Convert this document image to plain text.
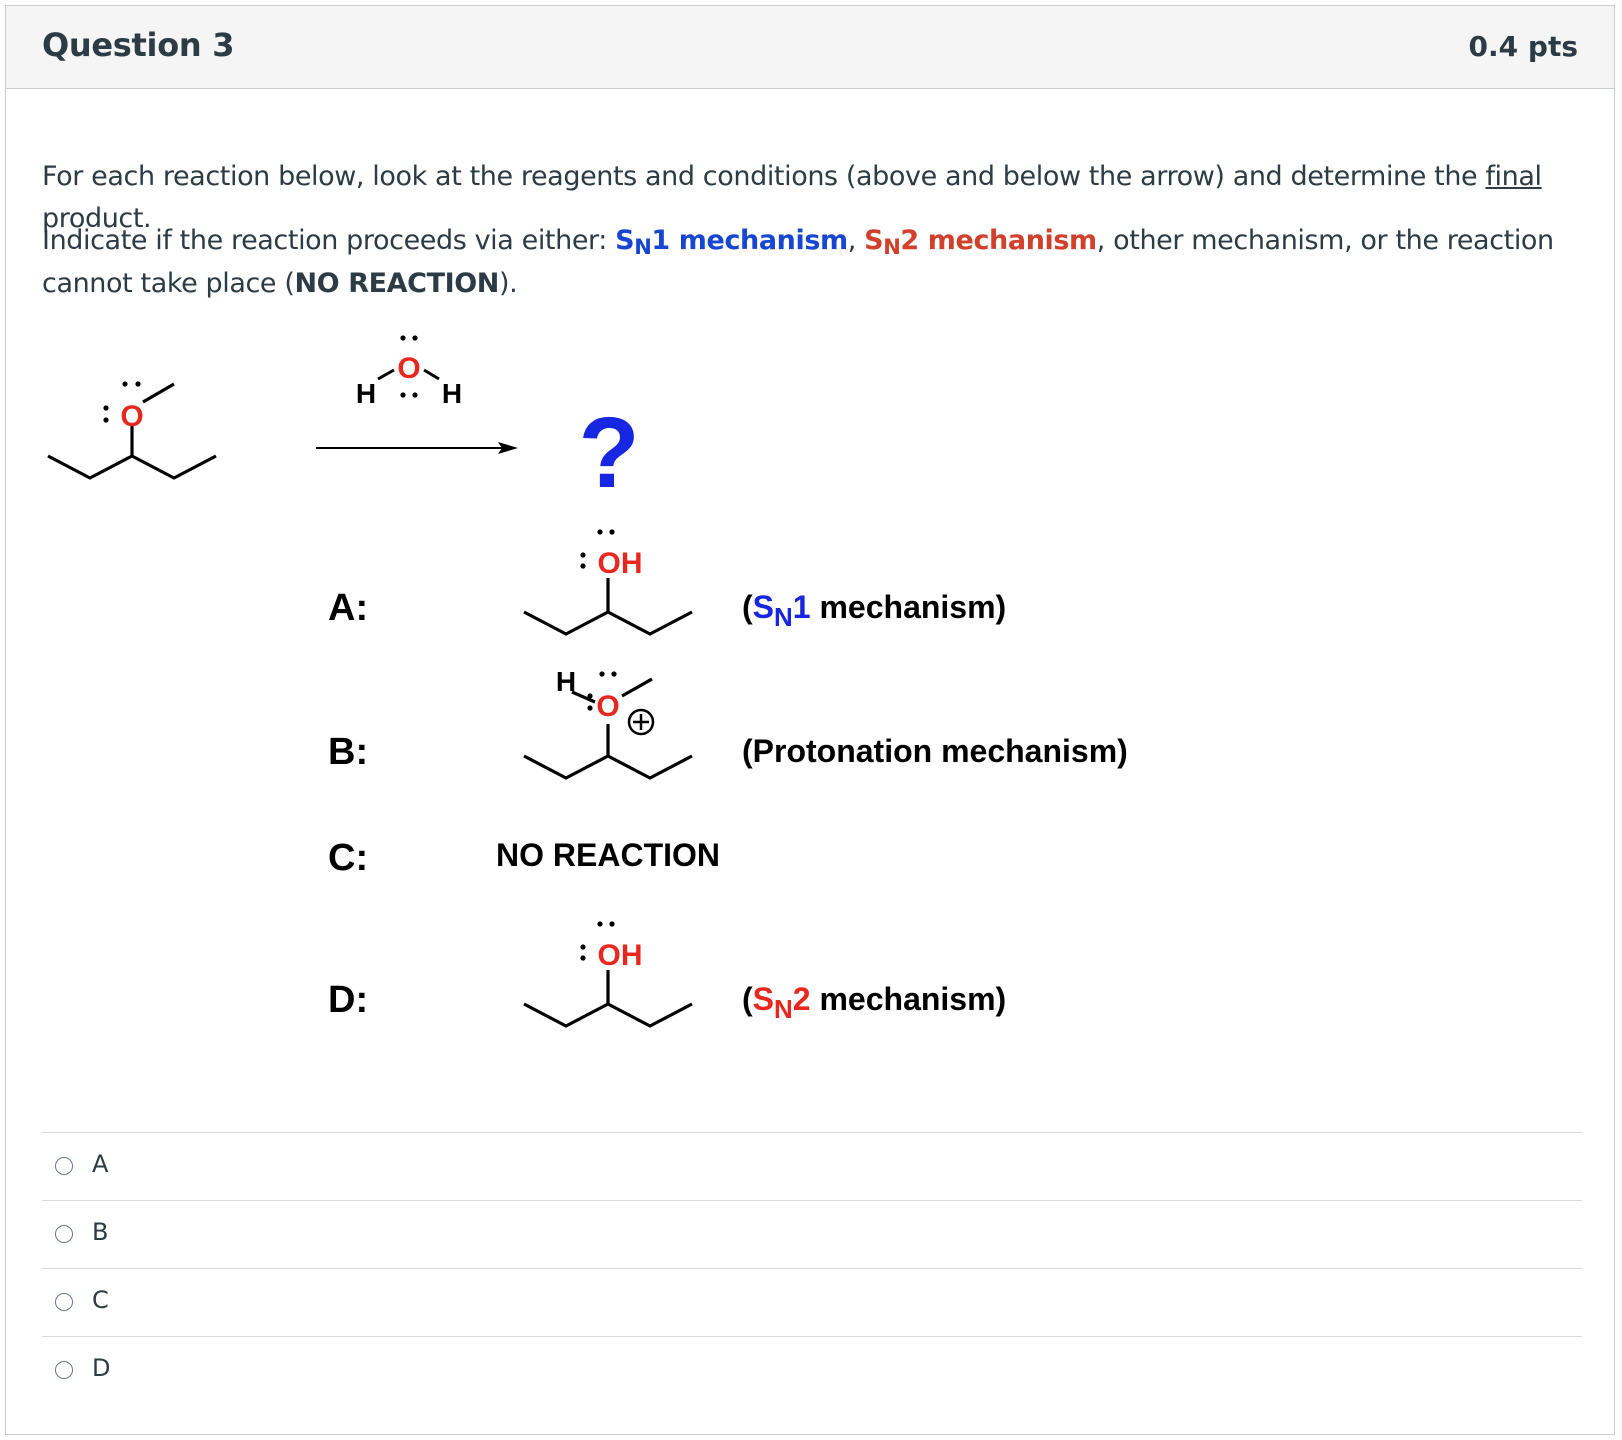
Question 3	0.4 pts
For each reaction below, look at the reagents and conditions (above and below the arrow) and determine the final product.
Indicate if the reaction proceeds via either: SN1 mechanism, SN2 mechanism, other mechanism, or the reaction cannot take place (NO REACTION).
O
O
H H
?
A:
B:
C:
D:
OH
($S_N1$ mechanism)
O
H
(Protonation mechanism)
NO REACTION
OH
($S_N2$ mechanism)
A
B
C
D
